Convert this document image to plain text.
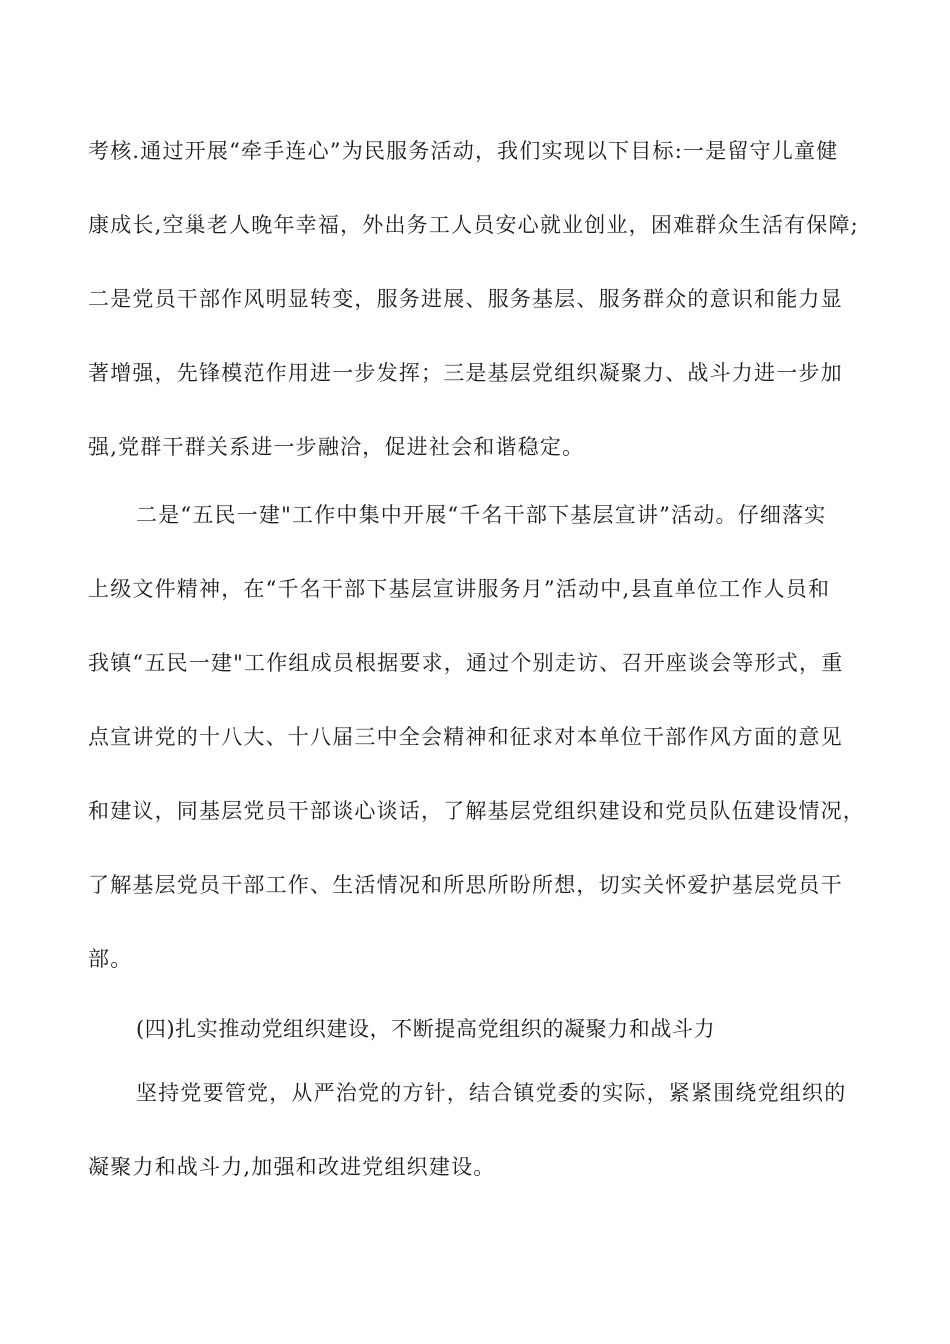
考核.通过开展“牵手连心”为民服务活动，我们实现以下目标:一是留守儿童健
康成长,空巢老人晚年幸福，外出务工人员安心就业创业，困难群众生活有保障;
二是党员干部作风明显转变，服务进展、服务基层、服务群众的意识和能力显
著增强，先锋模范作用进一步发挥；三是基层党组织凝聚力、战斗力进一步加
强,党群干群关系进一步融洽，促进社会和谐稳定。
二是“五民一建"工作中集中开展“千名干部下基层宣讲”活动。仔细落实
上级文件精神，在“千名干部下基层宣讲服务月”活动中,县直单位工作人员和
我镇“五民一建"工作组成员根据要求，通过个别走访、召开座谈会等形式，重
点宣讲党的十八大、十八届三中全会精神和征求对本单位干部作风方面的意见
和建议，同基层党员干部谈心谈话，了解基层党组织建设和党员队伍建设情况，
了解基层党员干部工作、生活情况和所思所盼所想，切实关怀爱护基层党员干
部。
(四)扎实推动党组织建设，不断提高党组织的凝聚力和战斗力
坚持党要管党，从严治党的方针，结合镇党委的实际，紧紧围绕党组织的
凝聚力和战斗力,加强和改进党组织建设。
